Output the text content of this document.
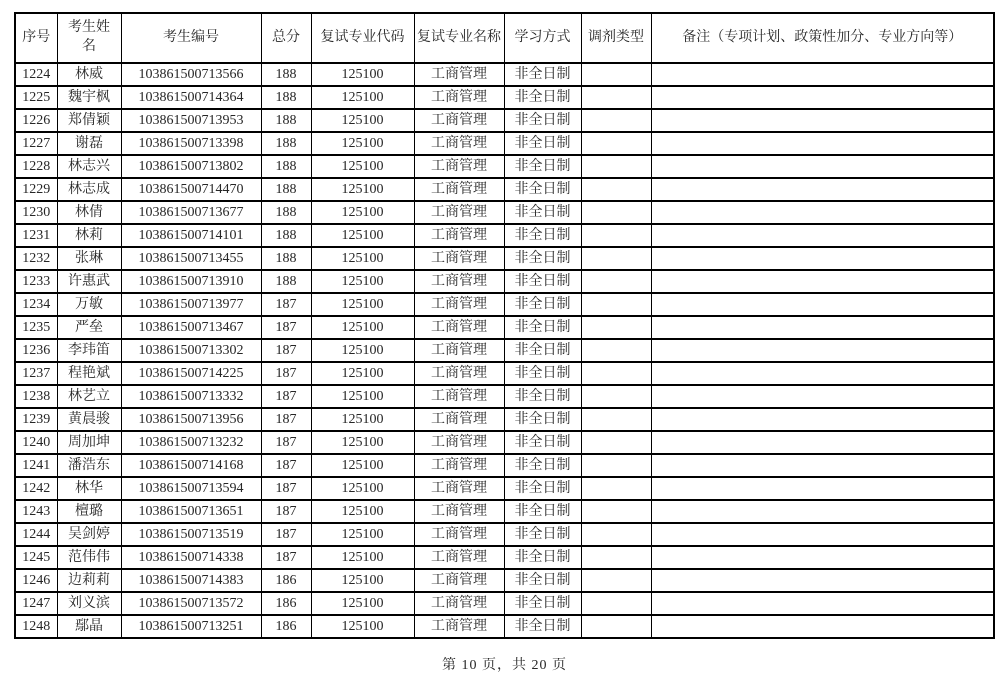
序号	考生姓名	考生编号	总分	复试专业代码	复试专业名称	学习方式	调剂类型	备注（专项计划、政策性加分、专业方向等）
1224	林威	103861500713566	188	125100	工商管理	非全日制		
1225	魏宇枫	103861500714364	188	125100	工商管理	非全日制		
1226	郑倩颖	103861500713953	188	125100	工商管理	非全日制		
1227	谢磊	103861500713398	188	125100	工商管理	非全日制		
1228	林志兴	103861500713802	188	125100	工商管理	非全日制		
1229	林志成	103861500714470	188	125100	工商管理	非全日制		
1230	林倩	103861500713677	188	125100	工商管理	非全日制		
1231	林莉	103861500714101	188	125100	工商管理	非全日制		
1232	张琳	103861500713455	188	125100	工商管理	非全日制		
1233	许惠武	103861500713910	188	125100	工商管理	非全日制		
1234	万敏	103861500713977	187	125100	工商管理	非全日制		
1235	严垒	103861500713467	187	125100	工商管理	非全日制		
1236	李玮笛	103861500713302	187	125100	工商管理	非全日制		
1237	程艳斌	103861500714225	187	125100	工商管理	非全日制		
1238	林艺立	103861500713332	187	125100	工商管理	非全日制		
1239	黄晨骏	103861500713956	187	125100	工商管理	非全日制		
1240	周加坤	103861500713232	187	125100	工商管理	非全日制		
1241	潘浩东	103861500714168	187	125100	工商管理	非全日制		
1242	林华	103861500713594	187	125100	工商管理	非全日制		
1243	檀璐	103861500713651	187	125100	工商管理	非全日制		
1244	吴剑婷	103861500713519	187	125100	工商管理	非全日制		
1245	范伟伟	103861500714338	187	125100	工商管理	非全日制		
1246	边莉莉	103861500714383	186	125100	工商管理	非全日制		
1247	刘义滨	103861500713572	186	125100	工商管理	非全日制		
1248	鄢晶	103861500713251	186	125100	工商管理	非全日制		
第 10 页，共 20 页
